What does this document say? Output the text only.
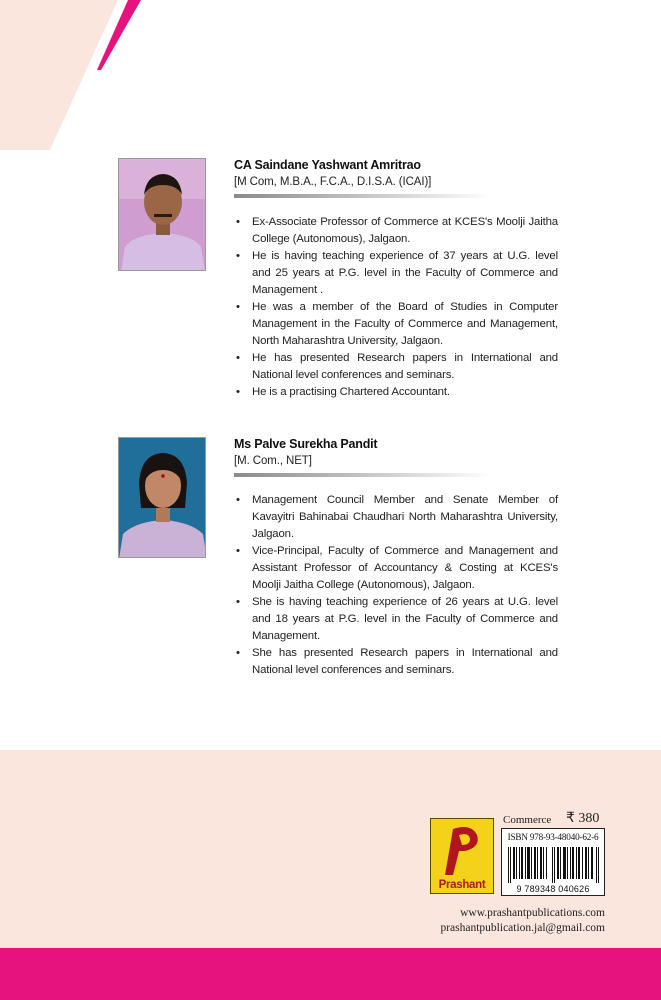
CA Saindane Yashwant Amritrao
[M Com, M.B.A., F.C.A., D.I.S.A. (ICAI)]
• Ex-Associate Professor of Commerce at KCES's Moolji Jaitha College (Autonomous), Jalgaon.
• He is having teaching experience of 37 years at U.G. level and 25 years at P.G. level in the Faculty of Commerce and Management .
• He was a member of the Board of Studies in Computer Management in the Faculty of Commerce and Management, North Maharashtra University, Jalgaon.
• He has presented Research papers in International and National level conferences and seminars.
• He is a practising Chartered Accountant.
Ms Palve Surekha Pandit
[M. Com., NET]
• Management Council Member and Senate Member of Kavayitri Bahinabai Chaudhari North Maharashtra University, Jalgaon.
• Vice-Principal, Faculty of Commerce and Management and Assistant Professor of Accountancy & Costing at KCES's Moolji Jaitha College (Autonomous), Jalgaon.
• She is having teaching experience of 26 years at U.G. level and 18 years at P.G. level in the Faculty of Commerce and Management.
• She has presented Research papers in International and National level conferences and seminars.
Prashant
Commerce ₹ 380
ISBN 978-93-48040-62-6
9 789348 040626
www.prashantpublications.com
prashantpublication.jal@gmail.com
